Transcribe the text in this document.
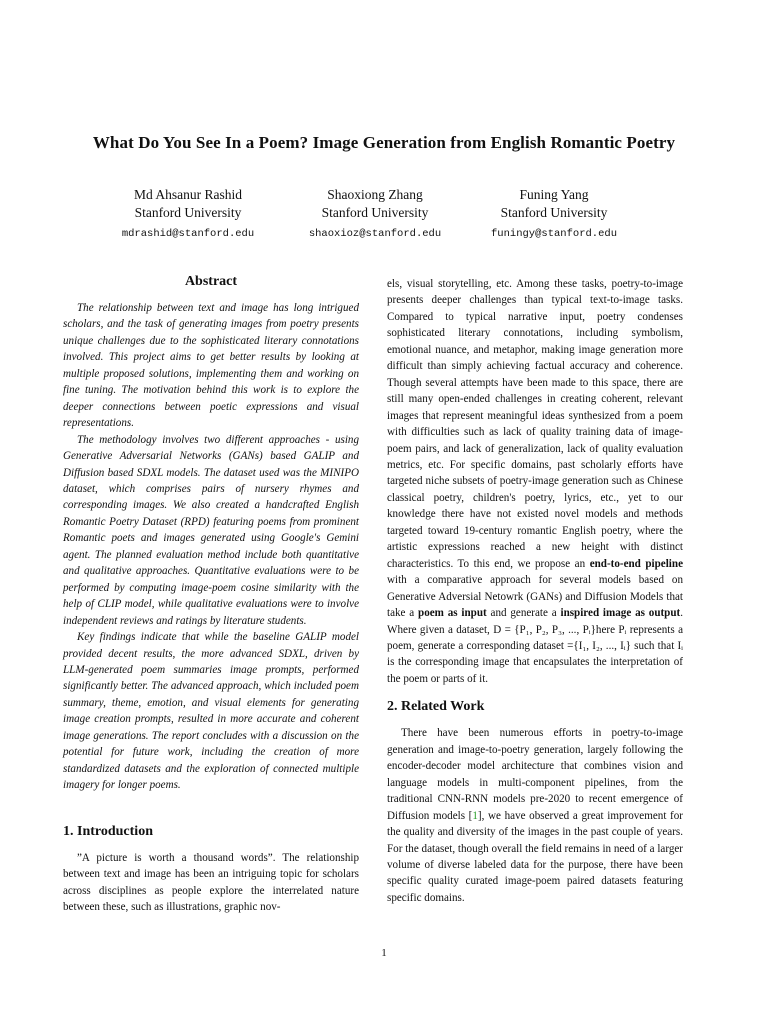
What Do You See In a Poem? Image Generation from English Romantic Poetry
Md Ahsanur Rashid
Stanford University
mdrashid@stanford.edu
Shaoxiong Zhang
Stanford University
shaoxioz@stanford.edu
Funing Yang
Stanford University
funingy@stanford.edu
Abstract

The relationship between text and image has long intrigued scholars, and the task of generating images from poetry presents unique challenges due to the sophisticated literary connotations involved. This project aims to get better results by looking at multiple proposed solutions, implementing them and working on fine tuning. The motivation behind this work is to explore the deeper connections between poetic expressions and visual representations.

The methodology involves two different approaches - using Generative Adversarial Networks (GANs) based GALIP and Diffusion based SDXL models. The dataset used was the MINIPO dataset, which comprises pairs of nursery rhymes and corresponding images. We also created a handcrafted English Romantic Poetry Dataset (RPD) featuring poems from prominent Romantic poets and images generated using Google's Gemini agent. The planned evaluation method include both quantitative and qualitative approaches. Quantitative evaluations were to be performed by computing image-poem cosine similarity with the help of CLIP model, while qualitative evaluations were to involve independent reviews and ratings by literature students.

Key findings indicate that while the baseline GALIP model provided decent results, the more advanced SDXL, driven by LLM-generated poem summaries image prompts, performed significantly better. The advanced approach, which included poem summary, theme, emotion, and visual elements for generating image creation prompts, resulted in more accurate and coherent image generations. The report concludes with a discussion on the potential for future work, including the creation of more standardized datasets and the exploration of connected multiple imagery for longer poems.

1. Introduction

”A picture is worth a thousand words”. The relationship between text and image has been an intriguing topic for scholars across disciplines as people explore the interrelated nature between these, such as illustrations, graphic nov-

els, visual storytelling, etc. Among these tasks, poetry-to-image presents deeper challenges than typical text-to-image tasks. Compared to typical narrative input, poetry condenses sophisticated literary connotations, including symbolism, emotional nuance, and metaphor, making image generation more difficult than simply achieving factual accuracy and coherence. Though several attempts have been made to this space, there are still many open-ended challenges in creating coherent, relevant images that represent meaningful ideas synthesized from a poem with difficulties such as lack of quality training data of image-poem pairs, and lack of generalization, lack of quality evaluation metrics, etc. For specific domains, past scholarly efforts have targeted niche subsets of poetry-image generation such as Chinese classical poetry, children's poetry, lyrics, etc., yet to our knowledge there have not existed novel models and methods targeted toward 19-century romantic English poetry, where the artistic expressions reached a new height with distinct characteristics. To this end, we propose an end-to-end pipeline with a comparative approach for several models based on Generative Adversial Netowrk (GANs) and Diffusion Models that take a poem as input and generate a inspired image as output. Where given a dataset, D = {P₁, P₂, P₃, ..., Pᵢ}here Pᵢ represents a poem, generate a corresponding dataset ={I₁, I₂, ..., Iᵢ} such that Iᵢ is the corresponding image that encapsulates the interpretation of the poem or parts of it.

2. Related Work

There have been numerous efforts in poetry-to-image generation and image-to-poetry generation, largely following the encoder-decoder model architecture that combines vision and language models in multi-component pipelines, from the traditional CNN-RNN models pre-2020 to recent emergence of Diffusion models [1], we have observed a great improvement for the quality and diversity of the images in the past couple of years. For the dataset, though overall the field remains in need of a larger volume of diverse labeled data for the purpose, there have been specific quality curated image-poem paired datasets featuring specific domains.

1
